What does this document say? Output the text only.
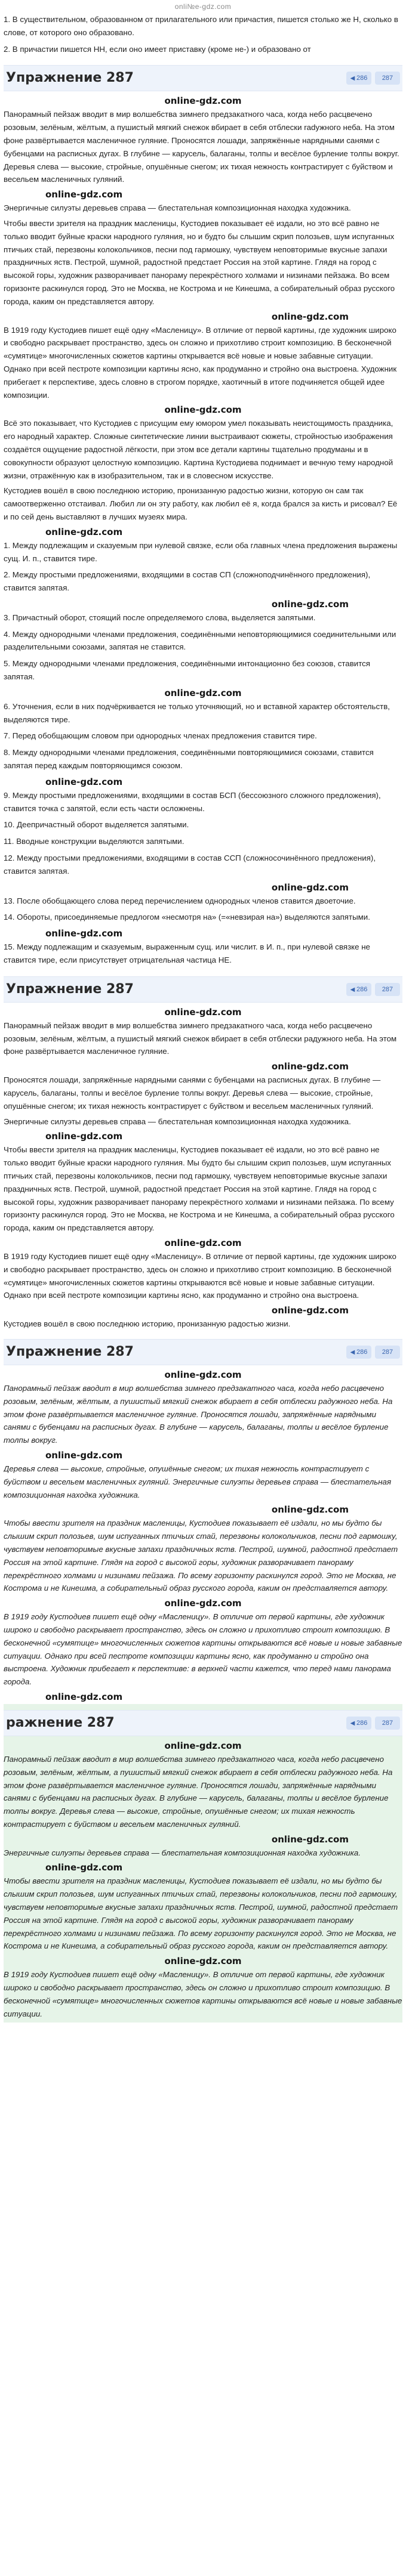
onli№e-gdz.com

1. В существительном, образованном от прилагательного или причастия, пишется столько же Н, сколько в слове, от которого оно образовано.

2. В причастии пишется НН, если оно имеет приставку (кроме не-) и образовано от

Упражнение 287	◀ 286	287
online-gdz.com

Панорамный пейзаж вводит в мир волшебства зимнего предзакатного часа, когда небо расцвечено розовым, зелёным, жёлтым, а пушистый мягкий снежок вбирает в себя отблески radужного неба. На этом фоне развёртывается масленичное гуляние. Проносятся лошади, запряжённые нарядными санями с бубенцами на расписных дугах. В глубине — карусель, балаганы, толпы и весёлое бурление толпы вокруг. Деревья слева — высокие, стройные, опушённые снегом; их тихая нежность контрастирует с буйством и весельем масленичных гуляний.

online-gdz.com

Энергичные силуэты деревьев справа — блестательная композиционная находка художника.

Чтобы ввести зрителя на праздник масленицы, Кустодиев показывает её издали, но это всё равно не только вводит буйные краски народного гуляния, но и будто бы слышим скрип полозьев, шум испуганных птичьих стай, перезвоны колокольчиков, песни под гармошку, чувствуем неповторимые вкусные запахи праздничных яств. Пестрой, шумной, радостной предстает Россия на этой картине. Глядя на город с высокой горы, художник разворачивает панораму перекрёстного холмами и низинами пейзажа. Во всем горизонте раскинулся город. Это не Москва, не Кострома и не Кинешма, а собирательный образ русского города, каким он представляется автору.

online-gdz.com

В 1919 году Кустодиев пишет ещё одну «Масленицу». В отличие от первой картины, где художник широко и свободно раскрывает пространство, здесь он сложно и прихотливо строит композицию. В бесконечной «сумятице» многочисленных сюжетов картины открывается всё новые и новые забавные ситуации. Однако при всей пестроте композиции картины ясно, как продуманно и стройно она выстроена. Художник прибегает к перспективе, здесь словно в строгом порядке, хаотичный в итоге подчиняется общей идее композиции.

online-gdz.com

Всё это показывает, что Кустодиев с присущим ему юмором умел показывать неистощимость праздника, его народный характер. Сложные синтетические линии выстраивают сюжеты, стройностью изображения создаётся ощущение радостной лёгкости, при этом все детали картины тщательно продуманы и в совокупности образуют целостную композицию. Картина Кустодиева поднимает и вечную тему народной жизни, отражённую как в изобразительном, так и в словесном искусстве.

Кустодиев вошёл в свою последнюю историю, пронизанную радостью жизни, которую он сам так самоотверженно отстаивал. Любил ли он эту работу, как любил её я, когда брался за кисть и рисовал? Её и по сей день выставляют в лучших музеях мира.

online-gdz.com

1. Между подлежащим и сказуемым при нулевой связке, если оба главных члена предложения выражены сущ. И. п., ставится тире.

2. Между простыми предложениями, входящими в состав СП (сложноподчинённого предложения), ставится запятая.

online-gdz.com

3. Причастный оборот, стоящий после определяемого слова, выделяется запятыми.

4. Между однородными членами предложения, соединёнными неповторяющимися соединительными или разделительными союзами, запятая не ставится.

5. Между однородными членами предложения, соединёнными интонационно без союзов, ставится запятая.

online-gdz.com

6. Уточнения, если в них подчёркивается не только уточняющий, но и вставной характер обстоятельств, выделяются тире.

7. Перед обобщающим словом при однородных членах предложения ставится тире.

8. Между однородными членами предложения, соединёнными повторяющимися союзами, ставится запятая перед каждым повторяющимся союзом.

online-gdz.com

9. Между простыми предложениями, входящими в состав БСП (бессоюзного сложного предложения), ставится точка с запятой, если есть части осложнены.

10. Деепричастный оборот выделяется запятыми.

11. Вводные конструкции выделяются запятыми.

12. Между простыми предложениями, входящими в состав ССП (сложносочинённого предложения), ставится запятая.

online-gdz.com

13. После обобщающего слова перед перечислением однородных членов ставится двоеточие.

14. Обороты, присоединяемые предлогом «несмотря на» (=«невзирая на») выделяются запятыми.

online-gdz.com

15. Между подлежащим и сказуемым, выраженным сущ. или числит. в И. п., при нулевой связке не ставится тире, если присутствует отрицательная частица НЕ.

Упражнение 287	◀ 286	287
online-gdz.com

Панорамный пейзаж вводит в мир волшебства зимнего предзакатного часа, когда небо расцвечено розовым, зелёным, жёлтым, а пушистый мягкий снежок вбирает в себя отблески радужного неба. На этом фоне развёртывается масленичное гуляние.

online-gdz.com

Проносятся лошади, запряжённые нарядными санями с бубенцами на расписных дугах. В глубине — карусель, балаганы, толпы и весёлое бурление толпы вокруг. Деревья слева — высокие, стройные, опушённые снегом; их тихая нежность контрастирует с буйством и весельем масленичных гуляний.

Энергичные силуэты деревьев справа — блестательная композиционная находка художника.

online-gdz.com

Чтобы ввести зрителя на праздник масленицы, Кустодиев показывает её издали, но это всё равно не только вводит буйные краски народного гуляния. Мы будто бы слышим скрип полозьев, шум испуганных птичьих стай, перезвоны колокольчиков, песни под гармошку, чувствуем неповторимые вкусные запахи праздничных яств. Пестрой, шумной, радостной предстает Россия на этой картине. Глядя на город с высокой горы, художник разворачивает панораму перекрёстного холмами и низинами пейзажа. По всему горизонту раскинулся город. Это не Москва, не Кострома и не Кинешма, а собирательный образ русского города, каким он представляется автору.

online-gdz.com

В 1919 году Кустодиев пишет ещё одну «Масленицу». В отличие от первой картины, где художник широко и свободно раскрывает пространство, здесь он сложно и прихотливо строит композицию. В бесконечной «сумятице» многочисленных сюжетов картины открываются всё новые и новые забавные ситуации. Однако при всей пестроте композиции картины ясно, как продуманно и стройно она выстроена.

online-gdz.com

Кустодиев вошёл в свою последнюю историю, пронизанную радостью жизни.

Упражнение 287	◀ 286	287
online-gdz.com

Панорамный пейзаж вводит в мир волшебства зимнего предзакатного часа, когда небо расцвечено розовым, зелёным, жёлтым, а пушистый мягкий снежок вбирает в себя отблески радужного неба. На этом фоне развёртывается масленичное гуляние. Проносятся лошади, запряжённые нарядными санями с бубенцами на расписных дугах. В глубине — карусель, балаганы, толпы и весёлое бурление толпы вокруг.

online-gdz.com

Деревья слева — высокие, стройные, опушённые снегом; их тихая нежность контрастирует с буйством и весельем масленичных гуляний. Энергичные силуэты деревьев справа — блестательная композиционная находка художника.

online-gdz.com

Чтобы ввести зрителя на праздник масленицы, Кустодиев показывает её издали, но мы будто бы слышим скрип полозьев, шум испуганных птичьих стай, перезвоны колокольчиков, песни под гармошку, чувствуем неповторимые вкусные запахи праздничных яств. Пестрой, шумной, радостной предстает Россия на этой картине. Глядя на город с высокой горы, художник разворачивает панораму перекрёстного холмами и низинами пейзажа. По всему горизонту раскинулся город. Это не Москва, не Кострома и не Кинешма, а собирательный образ русского города, каким он представляется автору.

online-gdz.com

В 1919 году Кустодиев пишет ещё одну «Масленицу». В отличие от первой картины, где художник широко и свободно раскрывает пространство, здесь он сложно и прихотливо строит композицию. В бесконечной «сумятице» многочисленных сюжетов картины открываются всё новые и новые забавные ситуации. Однако при всей пестроте композиции картины ясно, как продуманно и стройно она выстроена. Художник прибегает к перспективе: в верхней части кажется, что перед нами панорама города.

online-gdz.com
ражнение 287	◀ 286	287
online-gdz.com

Панорамный пейзаж вводит в мир волшебства зимнего предзакатного часа, когда небо расцвечено розовым, зелёным, жёлтым, а пушистый мягкий снежок вбирает в себя отблески радужного неба. На этом фоне развёртывается масленичное гуляние. Проносятся лошади, запряжённые нарядными санями с бубенцами на расписных дугах. В глубине — карусель, балаганы, толпы и весёлое бурление толпы вокруг. Деревья слева — высокие, стройные, опушённые снегом; их тихая нежность контрастирует с буйством и весельем масленичных гуляний.

online-gdz.com

Энергичные силуэты деревьев справа — блестательная композиционная находка художника.

online-gdz.com

Чтобы ввести зрителя на праздник масленицы, Кустодиев показывает её издали, но мы будто бы слышим скрип полозьев, шум испуганных птичьих стай, перезвоны колокольчиков, песни под гармошку, чувствуем неповторимые вкусные запахи праздничных яств. Пестрой, шумной, радостной предстает Россия на этой картине. Глядя на город с высокой горы, художник разворачивает панораму перекрёстного холмами и низинами пейзажа. По всему горизонту раскинулся город. Это не Москва, не Кострома и не Кинешма, а собирательный образ русского города, каким он представляется автору.

online-gdz.com

В 1919 году Кустодиев пишет ещё одну «Масленицу». В отличие от первой картины, где художник широко и свободно раскрывает пространство, здесь он сложно и прихотливо строит композицию. В бесконечной «сумятице» многочисленных сюжетов картины открываются всё новые и новые забавные ситуации.
